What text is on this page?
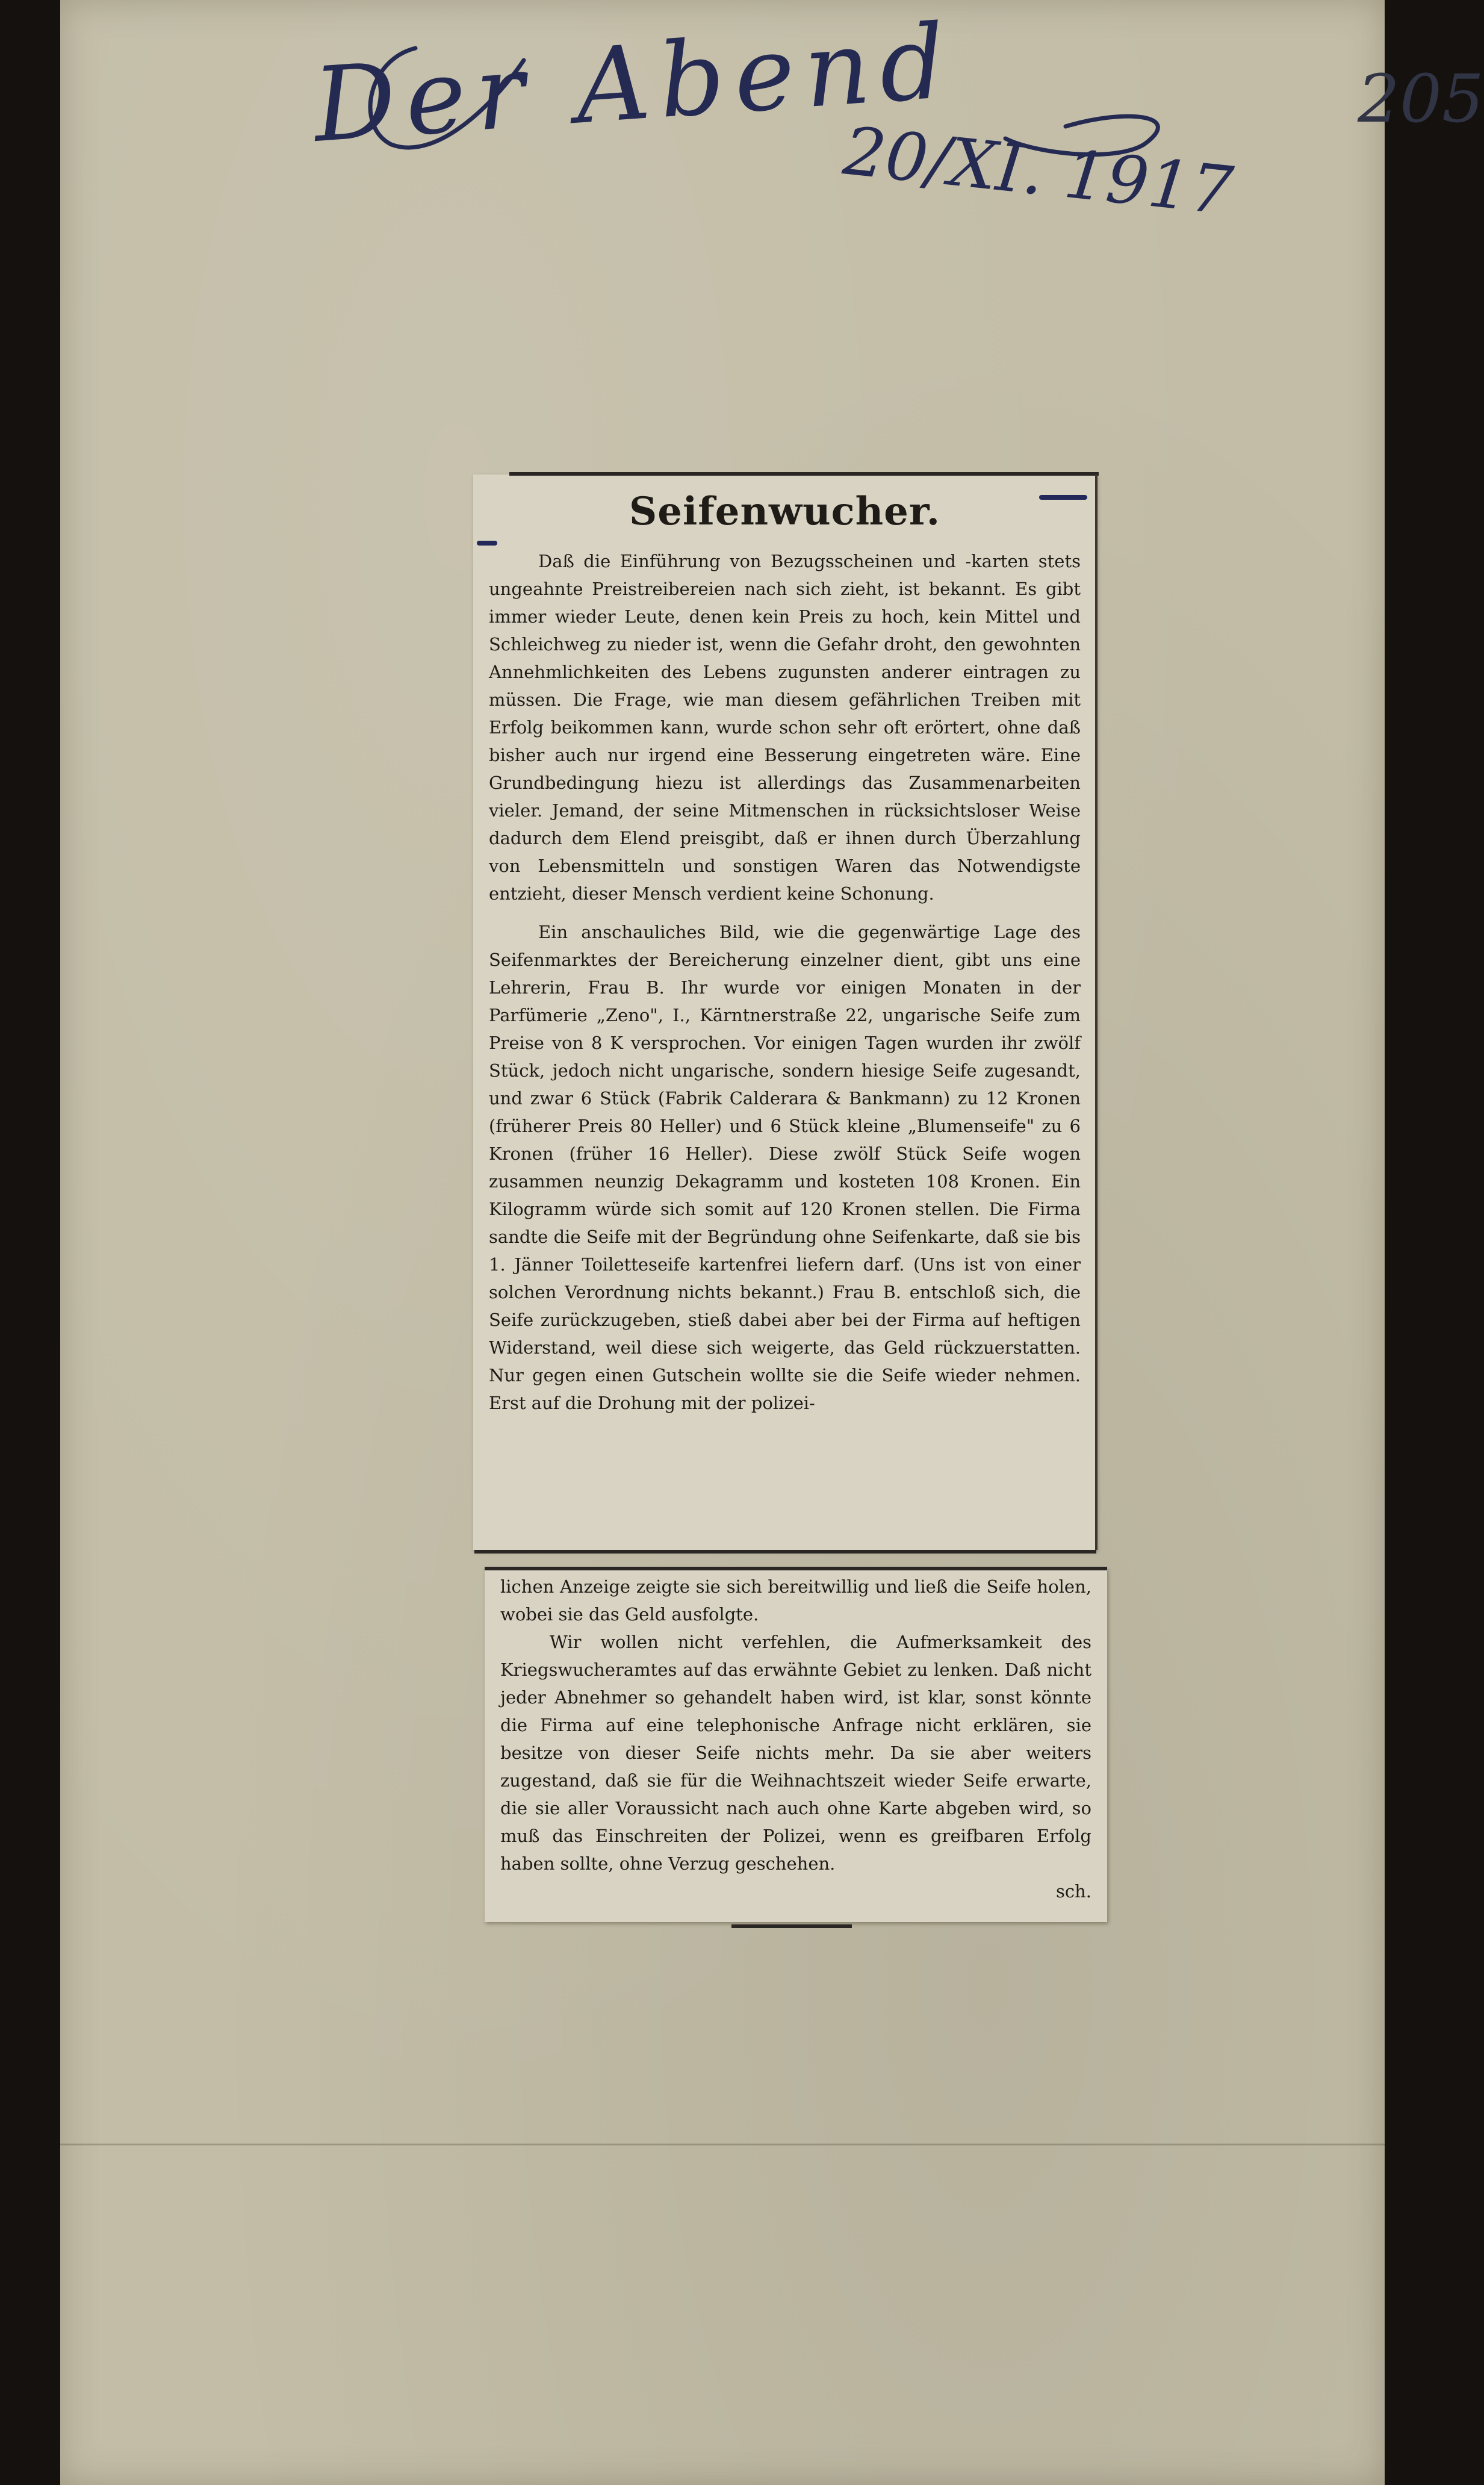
Der Abend
20/XI. 1917
205
Seifenwucher.

Daß die Einführung von Bezugsscheinen und -karten stets ungeahnte Preistreibereien nach sich zieht, ist bekannt. Es gibt immer wieder Leute, denen kein Preis zu hoch, kein Mittel und Schleichweg zu nieder ist, wenn die Gefahr droht, den gewohnten Annehmlichkeiten des Lebens zugunsten anderer eintragen zu müssen. Die Frage, wie man diesem gefährlichen Treiben mit Erfolg beikommen kann, wurde schon sehr oft erörtert, ohne daß bisher auch nur irgend eine Besserung eingetreten wäre. Eine Grundbedingung hiezu ist allerdings das Zusammenarbeiten vieler. Jemand, der seine Mitmenschen in rücksichtsloser Weise dadurch dem Elend preisgibt, daß er ihnen durch Überzahlung von Lebensmitteln und sonstigen Waren das Notwendigste entzieht, dieser Mensch verdient keine Schonung.

Ein anschauliches Bild, wie die gegenwärtige Lage des Seifenmarktes der Bereicherung einzelner dient, gibt uns eine Lehrerin, Frau B. Ihr wurde vor einigen Monaten in der Parfümerie „Zeno", I., Kärntnerstraße 22, ungarische Seife zum Preise von 8 K versprochen. Vor einigen Tagen wurden ihr zwölf Stück, jedoch nicht ungarische, sondern hiesige Seife zugesandt, und zwar 6 Stück (Fabrik Calderara & Bankmann) zu 12 Kronen (früherer Preis 80 Heller) und 6 Stück kleine „Blumenseife" zu 6 Kronen (früher 16 Heller). Diese zwölf Stück Seife wogen zusammen neunzig Dekagramm und kosteten 108 Kronen. Ein Kilogramm würde sich somit auf 120 Kronen stellen. Die Firma sandte die Seife mit der Begründung ohne Seifenkarte, daß sie bis 1. Jänner Toiletteseife kartenfrei liefern darf. (Uns ist von einer solchen Verordnung nichts bekannt.) Frau B. entschloß sich, die Seife zurückzugeben, stieß dabei aber bei der Firma auf heftigen Widerstand, weil diese sich weigerte, das Geld rückzuerstatten. Nur gegen einen Gutschein wollte sie die Seife wieder nehmen. Erst auf die Drohung mit der polizei-

lichen Anzeige zeigte sie sich bereitwillig und ließ die Seife holen, wobei sie das Geld ausfolgte.

Wir wollen nicht verfehlen, die Aufmerksamkeit des Kriegswucheramtes auf das erwähnte Gebiet zu lenken. Daß nicht jeder Abnehmer so gehandelt haben wird, ist klar, sonst könnte die Firma auf eine telephonische Anfrage nicht erklären, sie besitze von dieser Seife nichts mehr. Da sie aber weiters zugestand, daß sie für die Weihnachtszeit wieder Seife erwarte, die sie aller Voraussicht nach auch ohne Karte abgeben wird, so muß das Einschreiten der Polizei, wenn es greifbaren Erfolg haben sollte, ohne Verzug geschehen.

sch.
